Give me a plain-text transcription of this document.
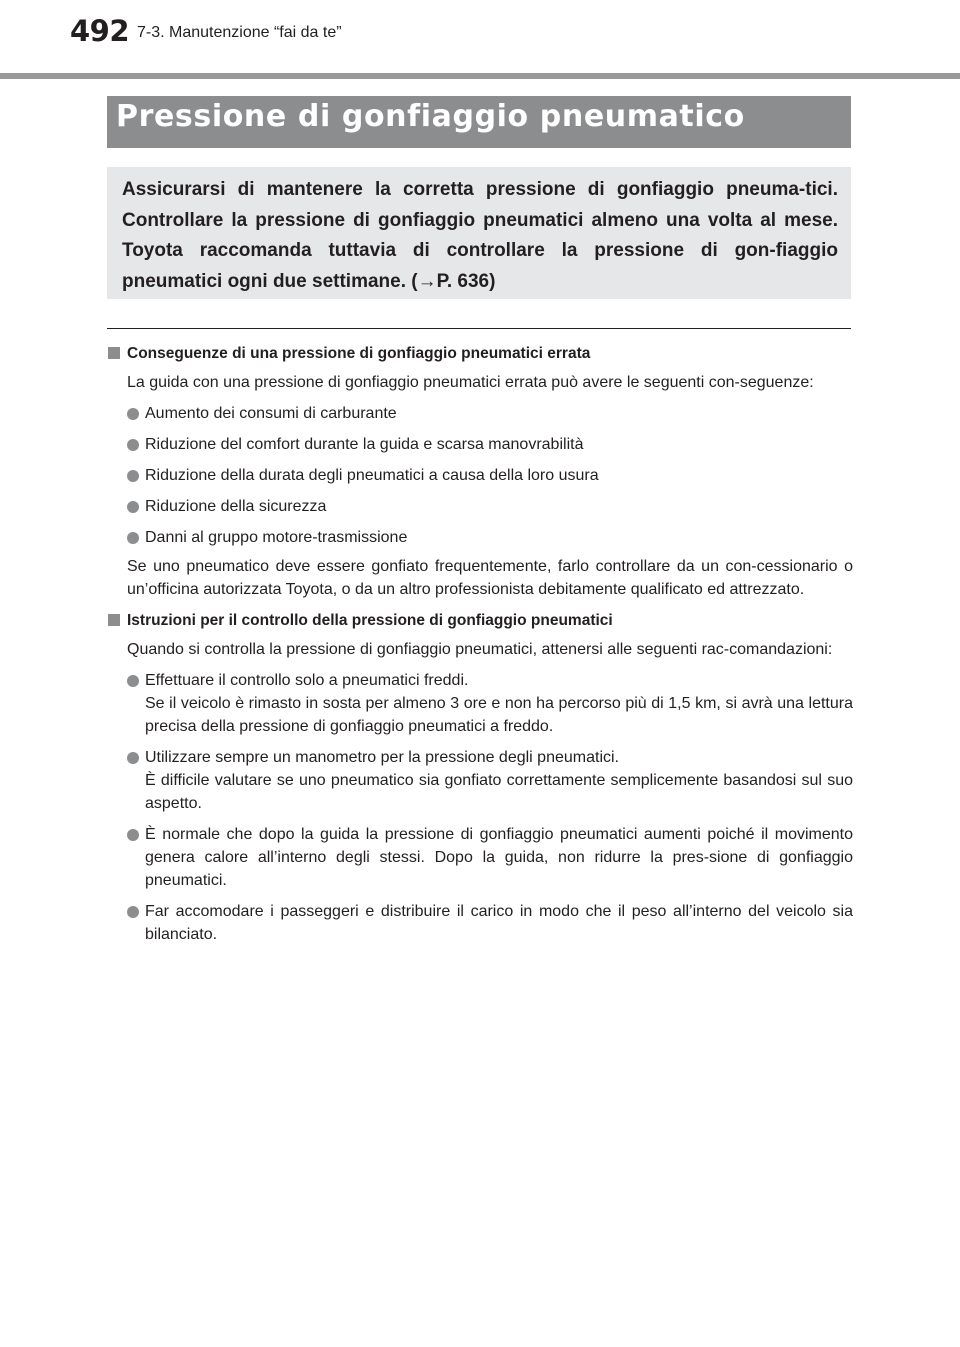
492 7-3. Manutenzione “fai da te”
Pressione di gonfiaggio pneumatico
Assicurarsi di mantenere la corretta pressione di gonfiaggio pneuma-tici. Controllare la pressione di gonfiaggio pneumatici almeno una volta al mese. Toyota raccomanda tuttavia di controllare la pressione di gon-fiaggio pneumatici ogni due settimane. (→P. 636)
Conseguenze di una pressione di gonfiaggio pneumatici errata
La guida con una pressione di gonfiaggio pneumatici errata può avere le seguenti con-seguenze:
Aumento dei consumi di carburante
Riduzione del comfort durante la guida e scarsa manovrabilità
Riduzione della durata degli pneumatici a causa della loro usura
Riduzione della sicurezza
Danni al gruppo motore-trasmissione
Se uno pneumatico deve essere gonfiato frequentemente, farlo controllare da un con-cessionario o un’officina autorizzata Toyota, o da un altro professionista debitamente qualificato ed attrezzato.
Istruzioni per il controllo della pressione di gonfiaggio pneumatici
Quando si controlla la pressione di gonfiaggio pneumatici, attenersi alle seguenti rac-comandazioni:
Effettuare il controllo solo a pneumatici freddi.
Se il veicolo è rimasto in sosta per almeno 3 ore e non ha percorso più di 1,5 km, si avrà una lettura precisa della pressione di gonfiaggio pneumatici a freddo.
Utilizzare sempre un manometro per la pressione degli pneumatici.
È difficile valutare se uno pneumatico sia gonfiato correttamente semplicemente basandosi sul suo aspetto.
È normale che dopo la guida la pressione di gonfiaggio pneumatici aumenti poiché il movimento genera calore all’interno degli stessi. Dopo la guida, non ridurre la pres-sione di gonfiaggio pneumatici.
Far accomodare i passeggeri e distribuire il carico in modo che il peso all’interno del veicolo sia bilanciato.
